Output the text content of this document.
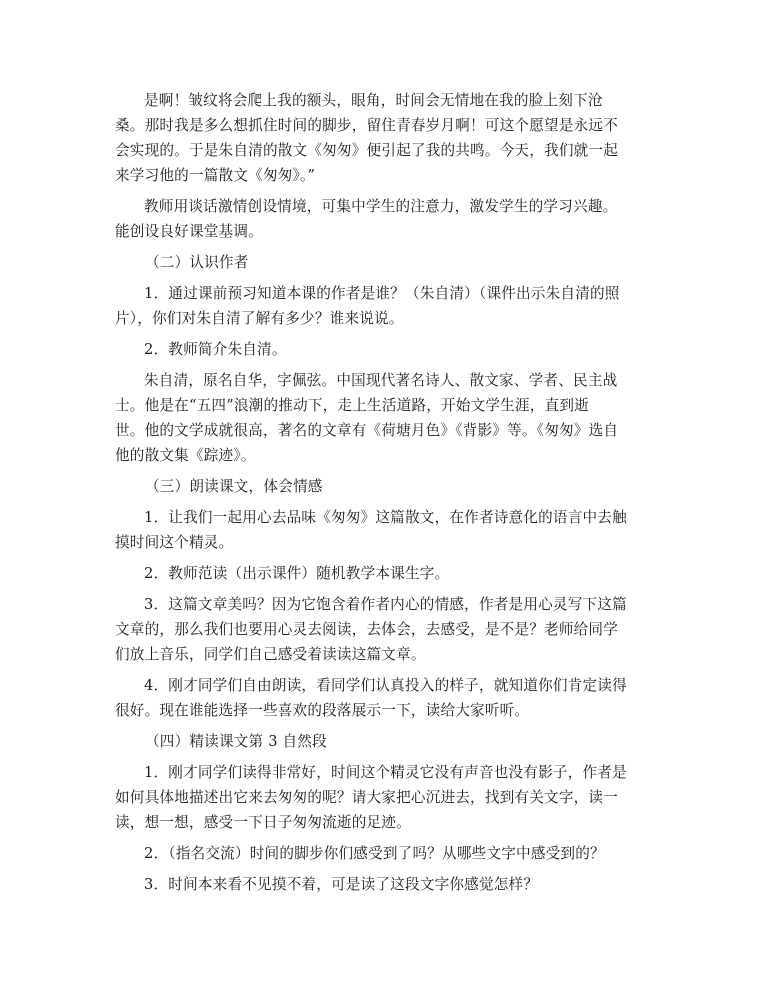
是啊！皱纹将会爬上我的额头，眼角，时间会无情地在我的脸上刻下沧
桑。那时我是多么想抓住时间的脚步，留住青春岁月啊！可这个愿望是永远不
会实现的。于是朱自清的散文《匆匆》便引起了我的共鸣。今天，我们就一起
来学习他的一篇散文《匆匆》。”
教师用谈话激情创设情境，可集中学生的注意力，激发学生的学习兴趣。
能创设良好课堂基调。
（二）认识作者
1．通过课前预习知道本课的作者是谁？（朱自清）（课件出示朱自清的照
片），你们对朱自清了解有多少？谁来说说。
2．教师简介朱自清。
朱自清，原名自华，字佩弦。中国现代著名诗人、散文家、学者、民主战
士。他是在“五四”浪潮的推动下，走上生活道路，开始文学生涯，直到逝
世。他的文学成就很高，著名的文章有《荷塘月色》《背影》等。《匆匆》选自
他的散文集《踪迹》。
（三）朗读课文，体会情感
1．让我们一起用心去品味《匆匆》这篇散文，在作者诗意化的语言中去触
摸时间这个精灵。
2．教师范读（出示课件）随机教学本课生字。
3．这篇文章美吗？因为它饱含着作者内心的情感，作者是用心灵写下这篇
文章的，那么我们也要用心灵去阅读，去体会，去感受，是不是？老师给同学
们放上音乐，同学们自己感受着读读这篇文章。
4．刚才同学们自由朗读，看同学们认真投入的样子，就知道你们肯定读得
很好。现在谁能选择一些喜欢的段落展示一下，读给大家听听。
（四）精读课文第 3 自然段
1．刚才同学们读得非常好，时间这个精灵它没有声音也没有影子，作者是
如何具体地描述出它来去匆匆的呢？请大家把心沉进去，找到有关文字，读一
读，想一想，感受一下日子匆匆流逝的足迹。
2．（指名交流）时间的脚步你们感受到了吗？从哪些文字中感受到的？
3．时间本来看不见摸不着，可是读了这段文字你感觉怎样？
